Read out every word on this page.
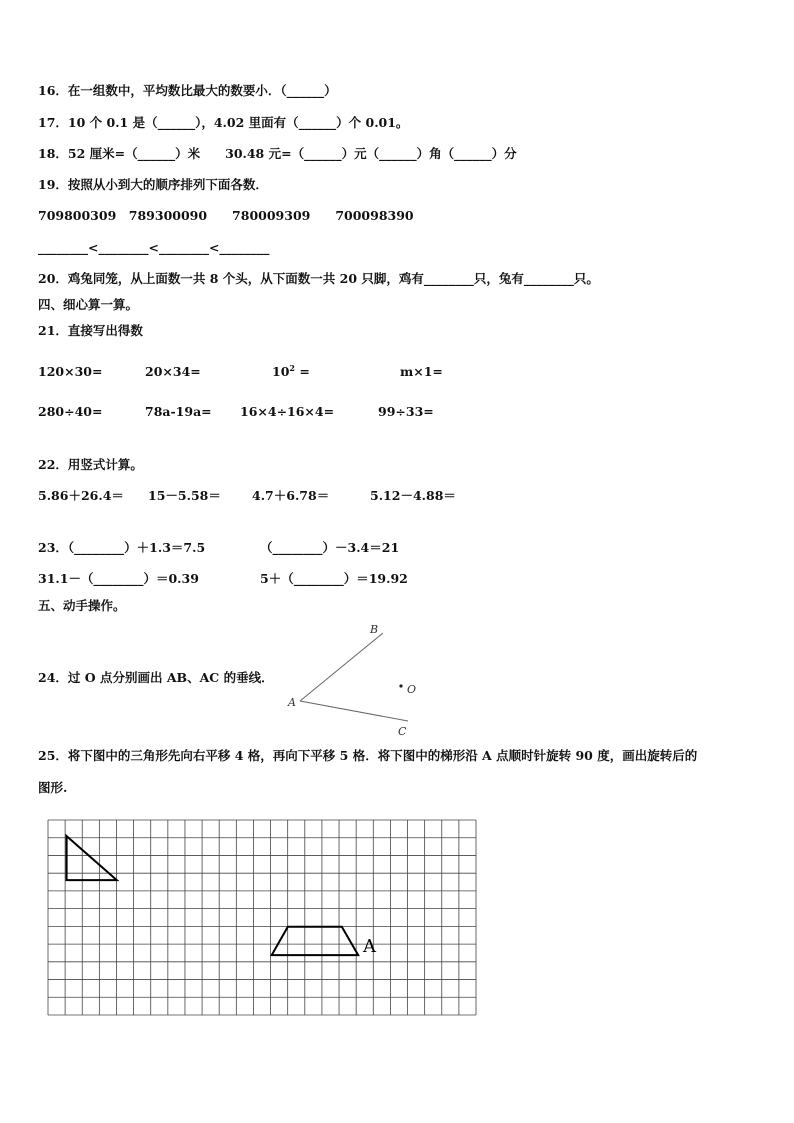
16．在一组数中，平均数比最大的数要小．（______）
17．10 个 0.1 是（______），4.02 里面有（______）个 0.01。
18．52 厘米=（______）米　　30.48 元=（______）元（______）角（______）分
19．按照从小到大的顺序排列下面各数．
709800309　789300090　　780009309　　700098390
________<________<________<________
20．鸡兔同笼，从上面数一共 8 个头，从下面数一共 20 只脚，鸡有________只，兔有________只。
四、细心算一算。
21．直接写出得数
120×30=	20×34=	$10^2$ =	m×1=
280÷40=	78a-19a= 16×4÷16×4=	99÷33=
22．用竖式计算。
5.86＋26.4＝ 15－5.58＝ 4.7＋6.78＝	5.12－4.88＝
23．（________）＋1.3＝7.5	（________）－3.4＝21
31.1－（________）＝0.39	5＋（________）＝19.92
五、动手操作。
24．过 O 点分别画出 AB、AC 的垂线．
A
B
C
O
25．将下图中的三角形先向右平移 4 格，再向下平移 5 格．将下图中的梯形沿 A 点顺时针旋转 90 度，画出旋转后的
图形.
A
